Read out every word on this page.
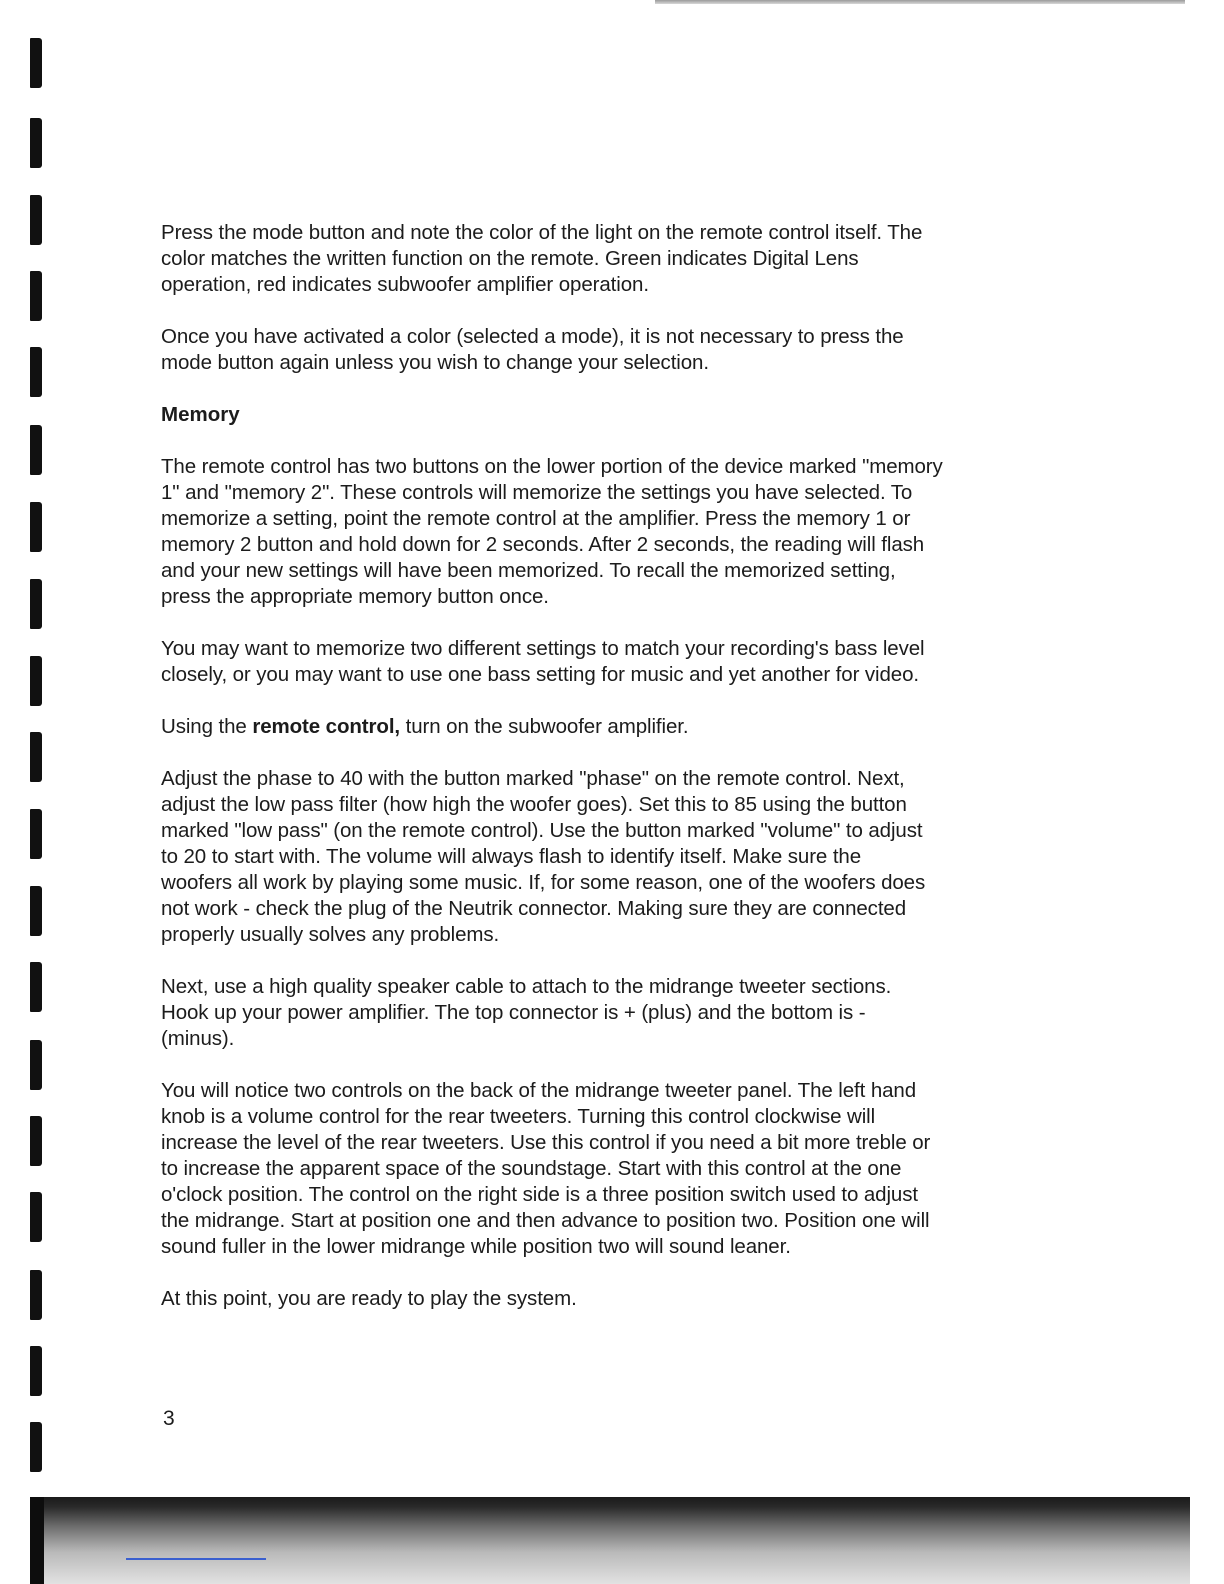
Press the mode button and note the color of the light on the remote control itself. The
color matches the written function on the remote. Green indicates Digital Lens
operation, red indicates subwoofer amplifier operation.

Once you have activated a color (selected a mode), it is not necessary to press the
mode button again unless you wish to change your selection.

Memory

The remote control has two buttons on the lower portion of the device marked "memory
1" and "memory 2". These controls will memorize the settings you have selected. To
memorize a setting, point the remote control at the amplifier. Press the memory 1 or
memory 2 button and hold down for 2 seconds. After 2 seconds, the reading will flash
and your new settings will have been memorized. To recall the memorized setting,
press the appropriate memory button once.

You may want to memorize two different settings to match your recording's bass level
closely, or you may want to use one bass setting for music and yet another for video.

Using the remote control, turn on the subwoofer amplifier.

Adjust the phase to 40 with the button marked "phase" on the remote control. Next,
adjust the low pass filter (how high the woofer goes). Set this to 85 using the button
marked "low pass" (on the remote control). Use the button marked "volume" to adjust
to 20 to start with. The volume will always flash to identify itself. Make sure the
woofers all work by playing some music. If, for some reason, one of the woofers does
not work - check the plug of the Neutrik connector. Making sure they are connected
properly usually solves any problems.

Next, use a high quality speaker cable to attach to the midrange tweeter sections.
Hook up your power amplifier. The top connector is + (plus) and the bottom is -
(minus).

You will notice two controls on the back of the midrange tweeter panel. The left hand
knob is a volume control for the rear tweeters. Turning this control clockwise will
increase the level of the rear tweeters. Use this control if you need a bit more treble or
to increase the apparent space of the soundstage. Start with this control at the one
o'clock position. The control on the right side is a three position switch used to adjust
the midrange. Start at position one and then advance to position two. Position one will
sound fuller in the lower midrange while position two will sound leaner.

At this point, you are ready to play the system.

3
